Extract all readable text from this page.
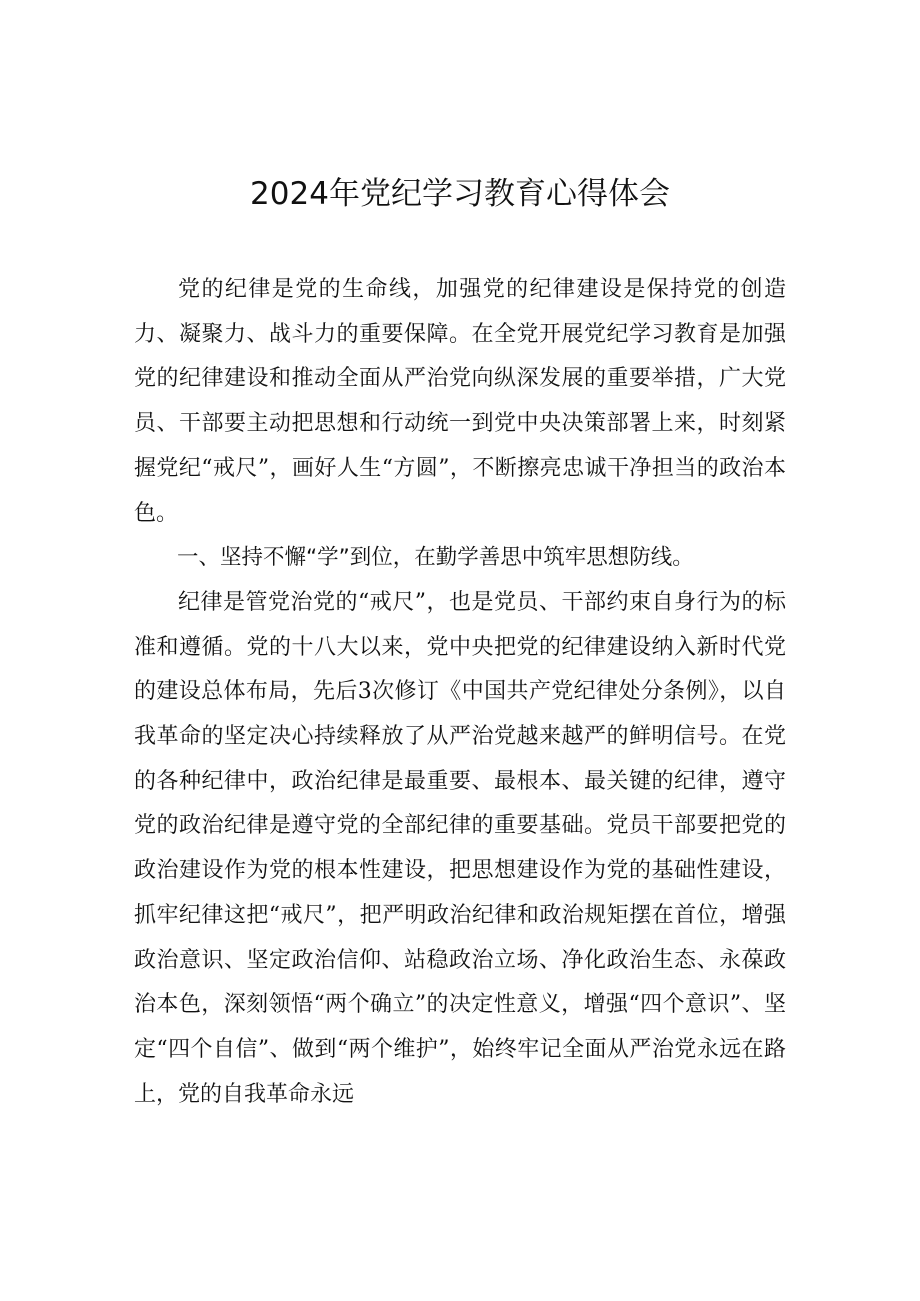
2024年党纪学习教育心得体会

党的纪律是党的生命线，加强党的纪律建设是保持党的创造力、凝聚力、战斗力的重要保障。在全党开展党纪学习教育是加强党的纪律建设和推动全面从严治党向纵深发展的重要举措，广大党员、干部要主动把思想和行动统一到党中央决策部署上来，时刻紧握党纪“戒尺”，画好人生“方圆”，不断擦亮忠诚干净担当的政治本色。

一、坚持不懈“学”到位，在勤学善思中筑牢思想防线。

纪律是管党治党的“戒尺”，也是党员、干部约束自身行为的标准和遵循。党的十八大以来，党中央把党的纪律建设纳入新时代党的建设总体布局，先后3次修订《中国共产党纪律处分条例》，以自我革命的坚定决心持续释放了从严治党越来越严的鲜明信号。在党的各种纪律中，政治纪律是最重要、最根本、最关键的纪律，遵守党的政治纪律是遵守党的全部纪律的重要基础。党员干部要把党的政治建设作为党的根本性建设，把思想建设作为党的基础性建设，抓牢纪律这把“戒尺”，把严明政治纪律和政治规矩摆在首位，增强政治意识、坚定政治信仰、站稳政治立场、净化政治生态、永葆政治本色，深刻领悟“两个确立”的决定性意义，增强“四个意识”、坚定“四个自信”、做到“两个维护”，始终牢记全面从严治党永远在路上，党的自我革命永远
